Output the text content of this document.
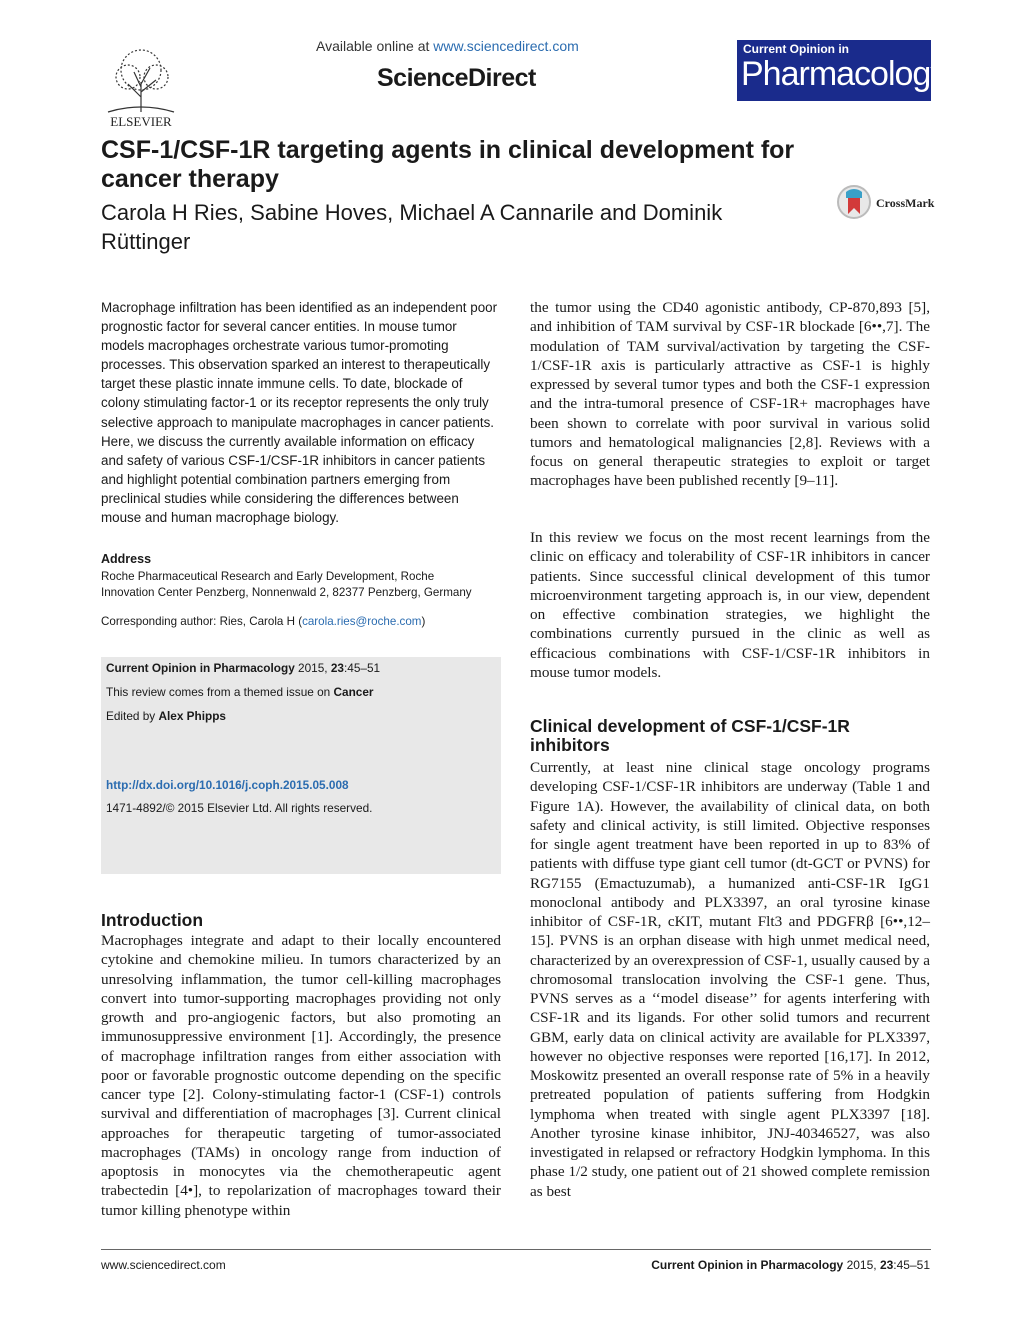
ELSEVIER
Available online at www.sciencedirect.com
ScienceDirect
Current Opinion in
Pharmacology
CSF-1/CSF-1R targeting agents in clinical development for cancer therapy
Carola H Ries, Sabine Hoves, Michael A Cannarile and Dominik Rüttinger
CrossMark
Macrophage infiltration has been identified as an independent poor prognostic factor for several cancer entities. In mouse tumor models macrophages orchestrate various tumor-promoting processes. This observation sparked an interest to therapeutically target these plastic innate immune cells. To date, blockade of colony stimulating factor-1 or its receptor represents the only truly selective approach to manipulate macrophages in cancer patients. Here, we discuss the currently available information on efficacy and safety of various CSF-1/CSF-1R inhibitors in cancer patients and highlight potential combination partners emerging from preclinical studies while considering the differences between mouse and human macrophage biology.
Address
Roche Pharmaceutical Research and Early Development, Roche
Innovation Center Penzberg, Nonnenwald 2, 82377 Penzberg, Germany
Corresponding author: Ries, Carola H (carola.ries@roche.com)
Current Opinion in Pharmacology 2015, 23:45–51
This review comes from a themed issue on Cancer
Edited by Alex Phipps
http://dx.doi.org/10.1016/j.coph.2015.05.008
1471-4892/© 2015 Elsevier Ltd. All rights reserved.
Introduction
Macrophages integrate and adapt to their locally encountered cytokine and chemokine milieu. In tumors characterized by an unresolving inflammation, the tumor cell-killing macrophages convert into tumor-supporting macrophages providing not only growth and pro-angiogenic factors, but also promoting an immunosuppressive environment [1]. Accordingly, the presence of macrophage infiltration ranges from either association with poor or favorable prognostic outcome depending on the specific cancer type [2]. Colony-stimulating factor-1 (CSF-1) controls survival and differentiation of macrophages [3]. Current clinical approaches for therapeutic targeting of tumor-associated macrophages (TAMs) in oncology range from induction of apoptosis in monocytes via the chemotherapeutic agent trabectedin [4•], to repolarization of macrophages toward their tumor killing phenotype within
the tumor using the CD40 agonistic antibody, CP-870,893 [5], and inhibition of TAM survival by CSF-1R blockade [6••,7]. The modulation of TAM survival/activation by targeting the CSF-1/CSF-1R axis is particularly attractive as CSF-1 is highly expressed by several tumor types and both the CSF-1 expression and the intra-tumoral presence of CSF-1R+ macrophages have been shown to correlate with poor survival in various solid tumors and hematological malignancies [2,8]. Reviews with a focus on general therapeutic strategies to exploit or target macrophages have been published recently [9–11].
In this review we focus on the most recent learnings from the clinic on efficacy and tolerability of CSF-1R inhibitors in cancer patients. Since successful clinical development of this tumor microenvironment targeting approach is, in our view, dependent on effective combination strategies, we highlight the combinations currently pursued in the clinic as well as efficacious combinations with CSF-1/CSF-1R inhibitors in mouse tumor models.
Clinical development of CSF-1/CSF-1R inhibitors
Currently, at least nine clinical stage oncology programs developing CSF-1/CSF-1R inhibitors are underway (Table 1 and Figure 1A). However, the availability of clinical data, on both safety and clinical activity, is still limited. Objective responses for single agent treatment have been reported in up to 83% of patients with diffuse type giant cell tumor (dt-GCT or PVNS) for RG7155 (Emactuzumab), a humanized anti-CSF-1R IgG1 monoclonal antibody and PLX3397, an oral tyrosine kinase inhibitor of CSF-1R, cKIT, mutant Flt3 and PDGFRβ [6••,12–15]. PVNS is an orphan disease with high unmet medical need, characterized by an overexpression of CSF-1, usually caused by a chromosomal translocation involving the CSF-1 gene. Thus, PVNS serves as a ‘‘model disease’’ for agents interfering with CSF-1R and its ligands. For other solid tumors and recurrent GBM, early data on clinical activity are available for PLX3397, however no objective responses were reported [16,17]. In 2012, Moskowitz presented an overall response rate of 5% in a heavily pretreated population of patients suffering from Hodgkin lymphoma when treated with single agent PLX3397 [18]. Another tyrosine kinase inhibitor, JNJ-40346527, was also investigated in relapsed or refractory Hodgkin lymphoma. In this phase 1/2 study, one patient out of 21 showed complete remission as best
www.sciencedirect.com	Current Opinion in Pharmacology 2015, 23:45–51
